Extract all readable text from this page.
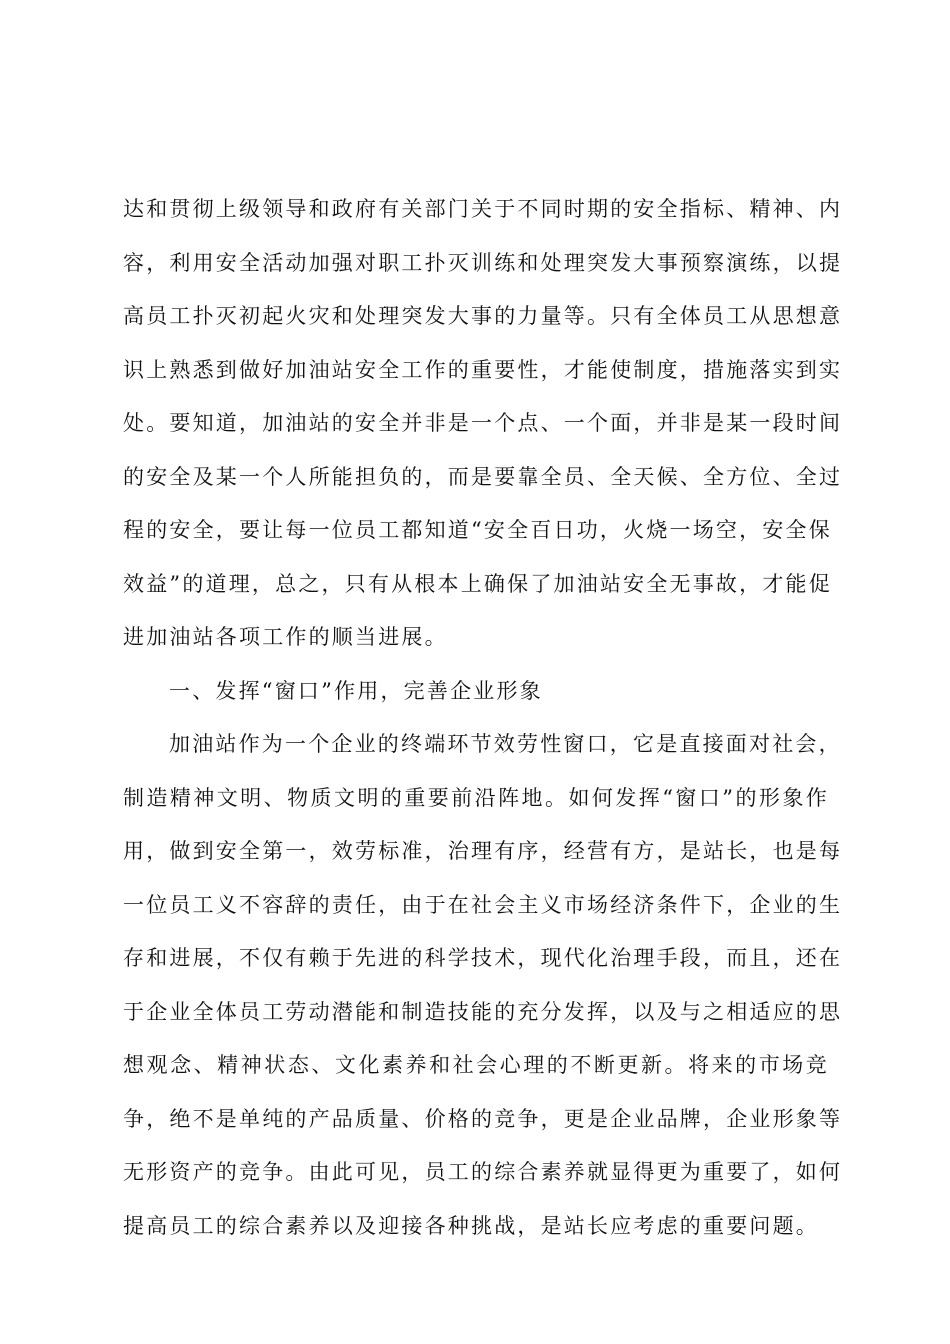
达和贯彻上级领导和政府有关部门关于不同时期的安全指标、精神、内
容，利用安全活动加强对职工扑灭训练和处理突发大事预察演练，以提
高员工扑灭初起火灾和处理突发大事的力量等。只有全体员工从思想意
识上熟悉到做好加油站安全工作的重要性，才能使制度，措施落实到实
处。要知道，加油站的安全并非是一个点、一个面，并非是某一段时间
的安全及某一个人所能担负的，而是要靠全员、全天候、全方位、全过
程的安全，要让每一位员工都知道“安全百日功，火烧一场空，安全保
效益”的道理，总之，只有从根本上确保了加油站安全无事故，才能促
进加油站各项工作的顺当进展。
一、发挥“窗口”作用，完善企业形象
加油站作为一个企业的终端环节效劳性窗口，它是直接面对社会，
制造精神文明、物质文明的重要前沿阵地。如何发挥“窗口”的形象作
用，做到安全第一，效劳标准，治理有序，经营有方，是站长，也是每
一位员工义不容辞的责任，由于在社会主义市场经济条件下，企业的生
存和进展，不仅有赖于先进的科学技术，现代化治理手段，而且，还在
于企业全体员工劳动潜能和制造技能的充分发挥，以及与之相适应的思
想观念、精神状态、文化素养和社会心理的不断更新。将来的市场竞
争，绝不是单纯的产品质量、价格的竞争，更是企业品牌，企业形象等
无形资产的竞争。由此可见，员工的综合素养就显得更为重要了，如何
提高员工的综合素养以及迎接各种挑战，是站长应考虑的重要问题。
